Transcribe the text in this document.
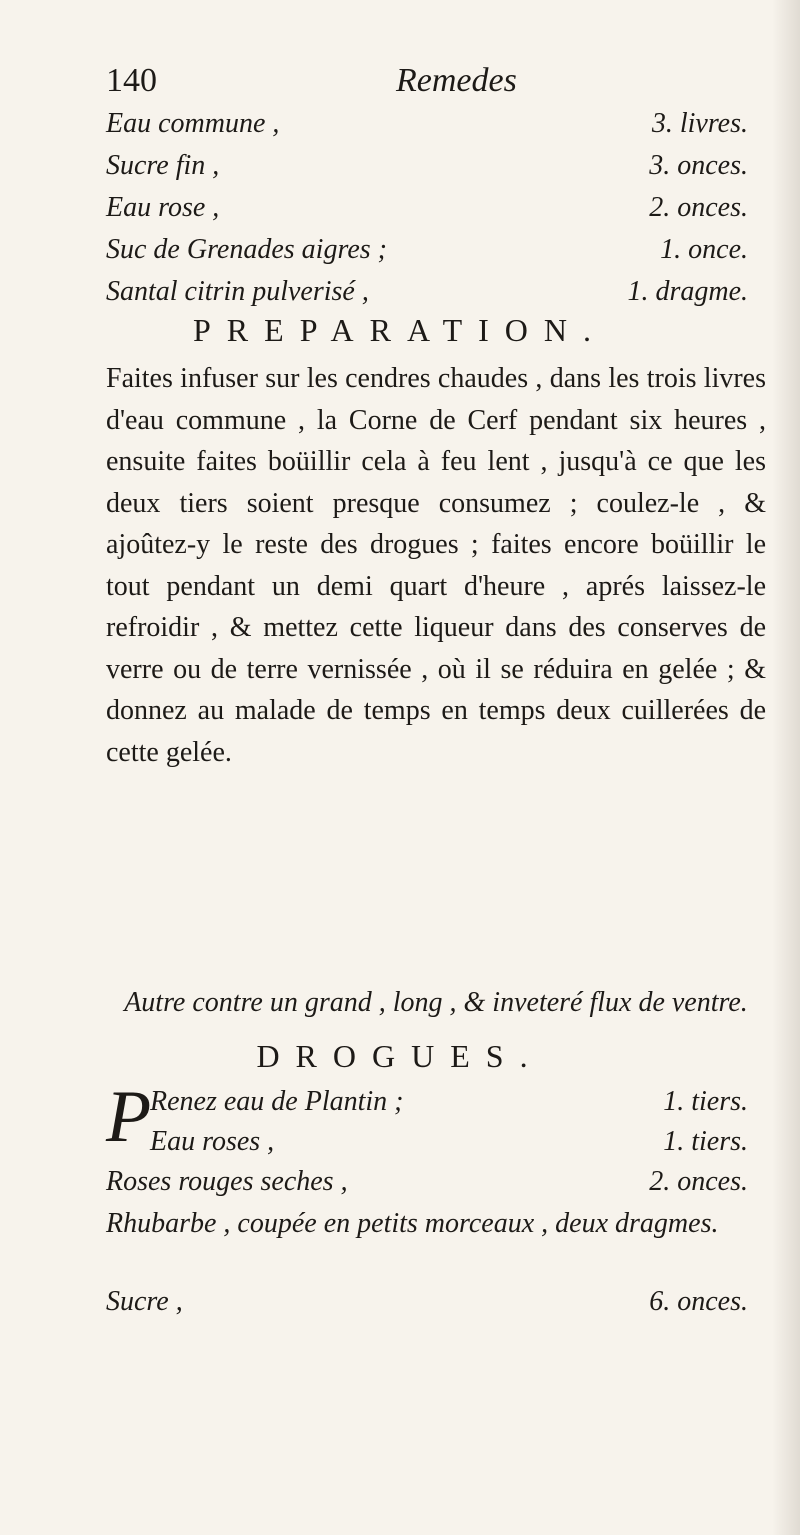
140	Remedes
Eau commune ,	3. livres.
Sucre fin ,	3. onces.
Eau rose ,	2. onces.
Suc de Grenades aigres ;	1. once.
Santal citrin pulverisé ,	1. dragme.
PREPARATION.
Faites infuser sur les cendres chaudes , dans les trois livres d'eau commune , la Corne de Cerf pendant six heures , ensuite faites boüillir cela à feu lent , jusqu'à ce que les deux tiers soient presque consumez ; coulez-le , & ajoûtez-y le reste des drogues ; faites encore boüillir le tout pendant un demi quart d'heure , aprés laissez-le refroidir , & mettez cette liqueur dans des conserves de verre ou de terre vernissée , où il se réduira en gelée ; & donnez au malade de temps en temps deux cuillerées de cette gelée.
Autre contre un grand , long , & inveteré flux de ventre.
DROGUES.
P
Renez eau de Plantin ;	1. tiers.
Eau roses ,	1. tiers.
Roses rouges seches ,	2. onces.
Rhubarbe , coupée en petits morceaux , deux dragmes.
Sucre ,	6. onces.
